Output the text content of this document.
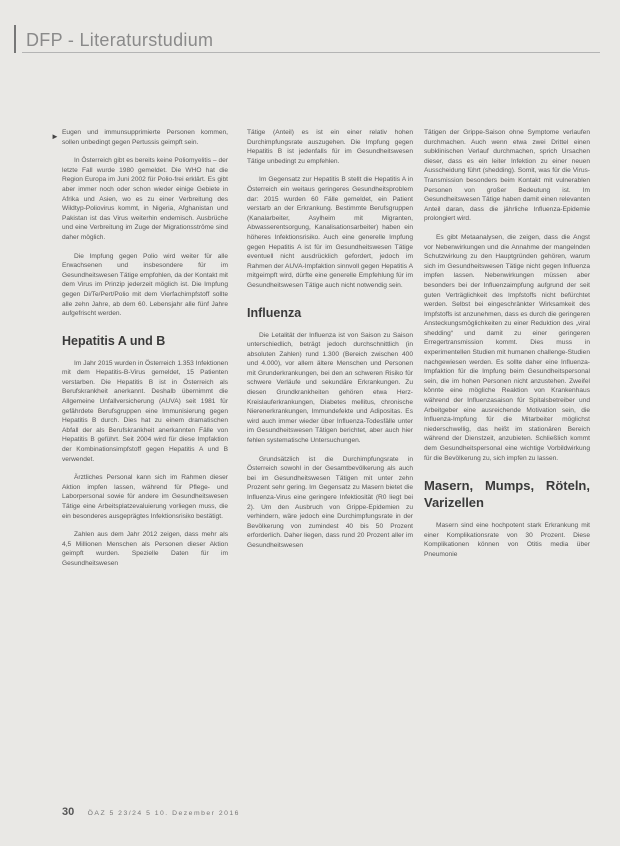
DFP - Literaturstudium
► Eugen und immunsupprimierte Personen kommen, sollen unbedingt gegen Pertussis geimpft sein.

In Österreich gibt es bereits keine Poliomyelitis – der letzte Fall wurde 1980 gemeldet. Die WHO hat die Region Europa im Juni 2002 für Polio-frei erklärt. Es gibt aber immer noch oder schon wieder einige Gebiete in Afrika und Asien, wo es zu einer Verbreitung des Wildtyp-Poliovirus kommt, in Nigeria, Afghanistan und Pakistan ist das Virus weiterhin endemisch. Ausbrüche und eine Verbreitung im Zuge der Migrationsströme sind daher möglich.

Die Impfung gegen Polio wird weiter für alle Erwachsenen und insbesondere für im Gesundheitswesen Tätige empfohlen, da der Kontakt mit dem Virus im Prinzip jederzeit möglich ist. Die Impfung gegen Di/Te/Pert/Polio mit dem Vierfachimpfstoff sollte alle zehn Jahre, ab dem 60. Lebensjahr alle fünf Jahre aufgefrischt werden.

Hepatitis A und B

Im Jahr 2015 wurden in Österreich 1.353 Infektionen mit dem Hepatitis-B-Virus gemeldet, 15 Patienten verstarben. Die Hepatitis B ist in Österreich als Berufskrankheit anerkannt. Deshalb übernimmt die Allgemeine Unfallversicherung (AUVA) seit 1981 für gefährdete Berufsgruppen eine Immunisierung gegen Hepatitis B durch. Dies hat zu einem dramatischen Abfall der als Berufskrankheit anerkannten Fälle von Hepatitis B geführt. Seit 2004 wird für diese Impfaktion der Kombinationsimpfstoff gegen Hepatitis A und B verwendet.

Ärztliches Personal kann sich im Rahmen dieser Aktion impfen lassen, während für Pflege- und Laborpersonal sowie für andere im Gesundheitswesen Tätige eine Arbeitsplatzevaluierung vorliegen muss, die ein besonderes ausgeprägtes Infektionsrisiko bestätigt.

Zahlen aus dem Jahr 2012 zeigen, dass mehr als 4,5 Millionen Menschen als Personen dieser Aktion geimpft wurden. Spezielle Daten für im Gesundheitswesen

Tätige (Anteil) es ist ein einer relativ hohen Durchimpfungsrate auszugehen. Die Impfung gegen Hepatitis B ist jedenfalls für im Gesundheitswesen Tätige unbedingt zu empfehlen.

Im Gegensatz zur Hepatitis B stellt die Hepatitis A in Österreich ein weitaus geringeres Gesundheitsproblem dar: 2015 wurden 60 Fälle gemeldet, ein Patient verstarb an der Erkrankung. Bestimmte Berufsgruppen (Kanalarbeiter, Asylheim mit Migranten, Abwasserentsorgung, Kanalisationsarbeiter) haben ein höheres Infektionsrisiko. Auch eine generelle Impfung gegen Hepatitis A ist für im Gesundheitswesen Tätige eventuell nicht ausdrücklich gefordert, jedoch im Rahmen der AUVA-Impfaktion sinnvoll gegen Hepatitis A mitgeimpft wird, dürfte eine generelle Empfehlung für im Gesundheitswesen Tätige auch nicht notwendig sein.

Influenza

Die Letalität der Influenza ist von Saison zu Saison unterschiedlich, beträgt jedoch durchschnittlich (in absoluten Zahlen) rund 1.300 (Bereich zwischen 400 und 4.000), vor allem ältere Menschen und Personen mit Grunderkrankungen, bei den an schweren Risiko für schwere Verläufe und sekundäre Erkrankungen. Zu diesen Grundkrankheiten gehören etwa Herz-Kreislauferkrankungen, Diabetes mellitus, chronische Nierenerkrankungen, Immundefekte und Adipositas. Es wird auch immer wieder über Influenza-Todesfälle unter im Gesundheitswesen Tätigen berichtet, aber auch hier fehlen systematische Untersuchungen.

Grundsätzlich ist die Durchimpfungsrate in Österreich sowohl in der Gesamtbevölkerung als auch bei im Gesundheitswesen Tätigen mit unter zehn Prozent sehr gering. Im Gegensatz zu Masern bietet die Influenza-Virus eine geringere Infektiosität (R0 liegt bei 2). Um den Ausbruch von Grippe-Epidemien zu verhindern, wäre jedoch eine Durchimpfungsrate in der Bevölkerung von zumindest 40 bis 50 Prozent erforderlich. Daher liegen, dass rund 20 Prozent aller im Gesundheitswesen

Tätigen der Grippe-Saison ohne Symptome verlaufen durchmachen. Auch wenn etwa zwei Drittel einen subklinischen Verlauf durchmachen, sprich Ursachen dieser, dass es ein leiter Infektion zu einer neuen Ausscheidung führt (shedding). Somit, was für die Virus-Transmission besonders beim Kontakt mit vulnerablen Personen von großer Bedeutung ist. Im Gesundheitswesen Tätige haben damit einen relevanten Anteil daran, dass die jährliche Influenza-Epidemie prolongiert wird.

Es gibt Metaanalysen, die zeigen, dass die Angst vor Nebenwirkungen und die Annahme der mangelnden Schutzwirkung zu den Hauptgründen gehören, warum sich im Gesundheitswesen Tätige nicht gegen Influenza impfen lassen. Nebenwirkungen müssen aber besonders bei der Influenzaimpfung aufgrund der seit guten Verträglichkeit des Impfstoffs nicht befürchtet werden. Selbst bei eingeschränkter Wirksamkeit des Impfstoffs ist anzunehmen, dass es durch die geringeren Ansteckungsmöglichkeiten zu einer Reduktion des „viral shedding“ und damit zu einer geringeren Erregertransmission kommt. Dies muss in experimentellen Studien mit humanen challenge-Studien nachgewiesen werden. Es sollte daher eine Influenza-Impfaktion für die Impfung beim Gesundheitspersonal sein, die im hohen Personen nicht anzustehen. Zweifel könnte eine mögliche Reaktion von Krankenhaus während der Influenzasaison für Spitalsbetreiber und Arbeitgeber eine ausreichende Motivation sein, die Influenza-Impfung für die Mitarbeiter möglichst niederschwellig, das heißt im stationären Bereich während der Dienstzeit, anzubieten. Schließlich kommt dem Gesundheitspersonal eine wichtige Vorbildwirkung für die Bevölkerung zu, sich impfen zu lassen.

Masern, Mumps, Röteln, Varizellen

Masern sind eine hochpotent stark Erkrankung mit einer Komplikationsrate von 30 Prozent. Diese Komplikationen können von Otitis media über Pneumonie

30 ÖAZ 5 23/24 5 10. Dezember 2016
